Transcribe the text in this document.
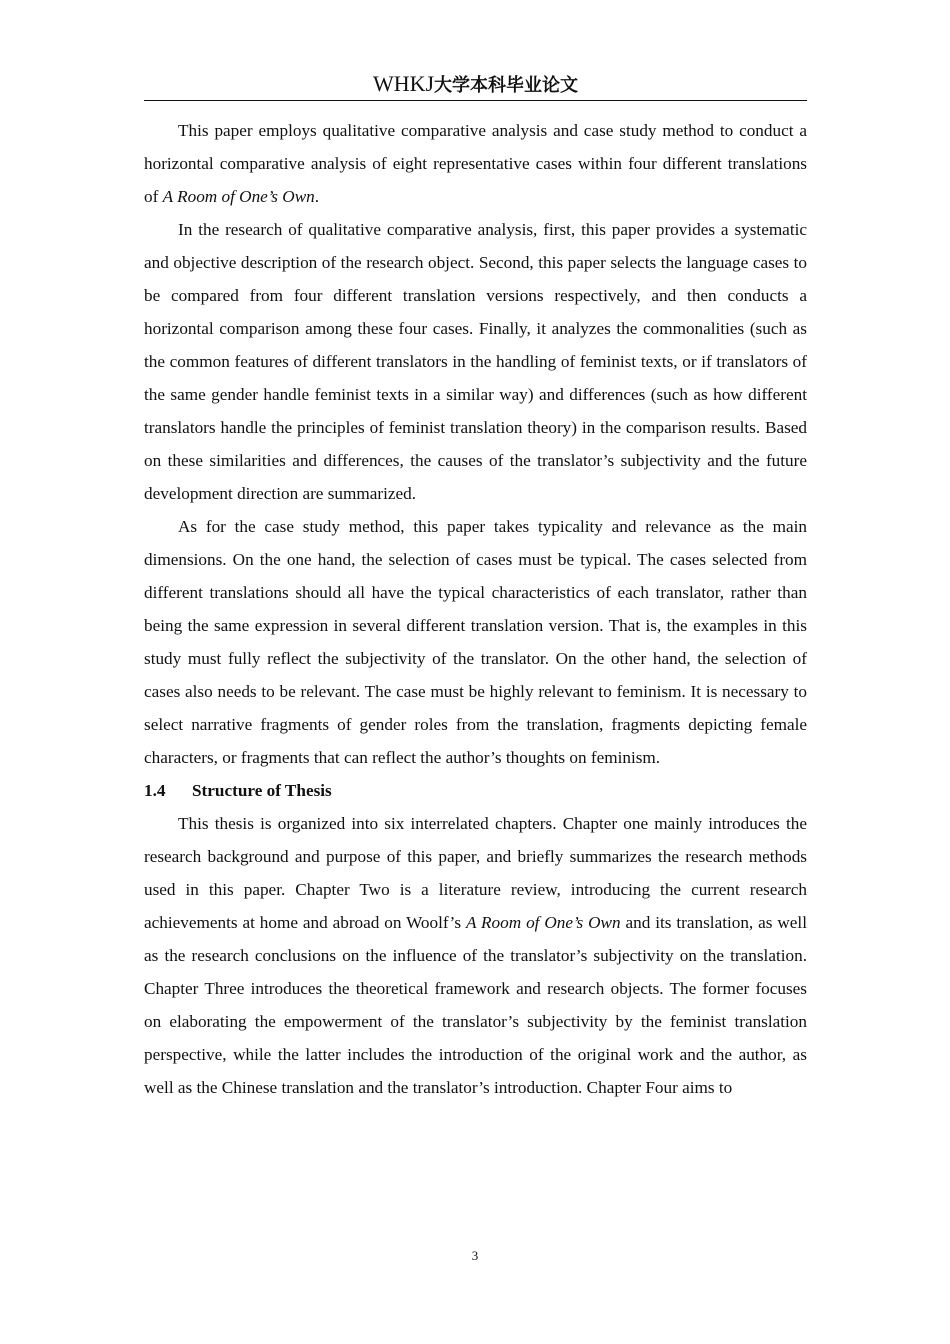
WHKJ大学本科毕业论文

This paper employs qualitative comparative analysis and case study method to conduct a horizontal comparative analysis of eight representative cases within four different translations of A Room of One’s Own.

In the research of qualitative comparative analysis, first, this paper provides a systematic and objective description of the research object. Second, this paper selects the language cases to be compared from four different translation versions respectively, and then conducts a horizontal comparison among these four cases. Finally, it analyzes the commonalities (such as the common features of different translators in the handling of feminist texts, or if translators of the same gender handle feminist texts in a similar way) and differences (such as how different translators handle the principles of feminist translation theory) in the comparison results. Based on these similarities and differences, the causes of the translator’s subjectivity and the future development direction are summarized.

As for the case study method, this paper takes typicality and relevance as the main dimensions. On the one hand, the selection of cases must be typical. The cases selected from different translations should all have the typical characteristics of each translator, rather than being the same expression in several different translation version. That is, the examples in this study must fully reflect the subjectivity of the translator. On the other hand, the selection of cases also needs to be relevant. The case must be highly relevant to feminism. It is necessary to select narrative fragments of gender roles from the translation, fragments depicting female characters, or fragments that can reflect the author’s thoughts on feminism.

1.4 Structure of Thesis

This thesis is organized into six interrelated chapters. Chapter one mainly introduces the research background and purpose of this paper, and briefly summarizes the research methods used in this paper. Chapter Two is a literature review, introducing the current research achievements at home and abroad on Woolf’s A Room of One’s Own and its translation, as well as the research conclusions on the influence of the translator’s subjectivity on the translation. Chapter Three introduces the theoretical framework and research objects. The former focuses on elaborating the empowerment of the translator’s subjectivity by the feminist translation perspective, while the latter includes the introduction of the original work and the author, as well as the Chinese translation and the translator’s introduction. Chapter Four aims to

3
